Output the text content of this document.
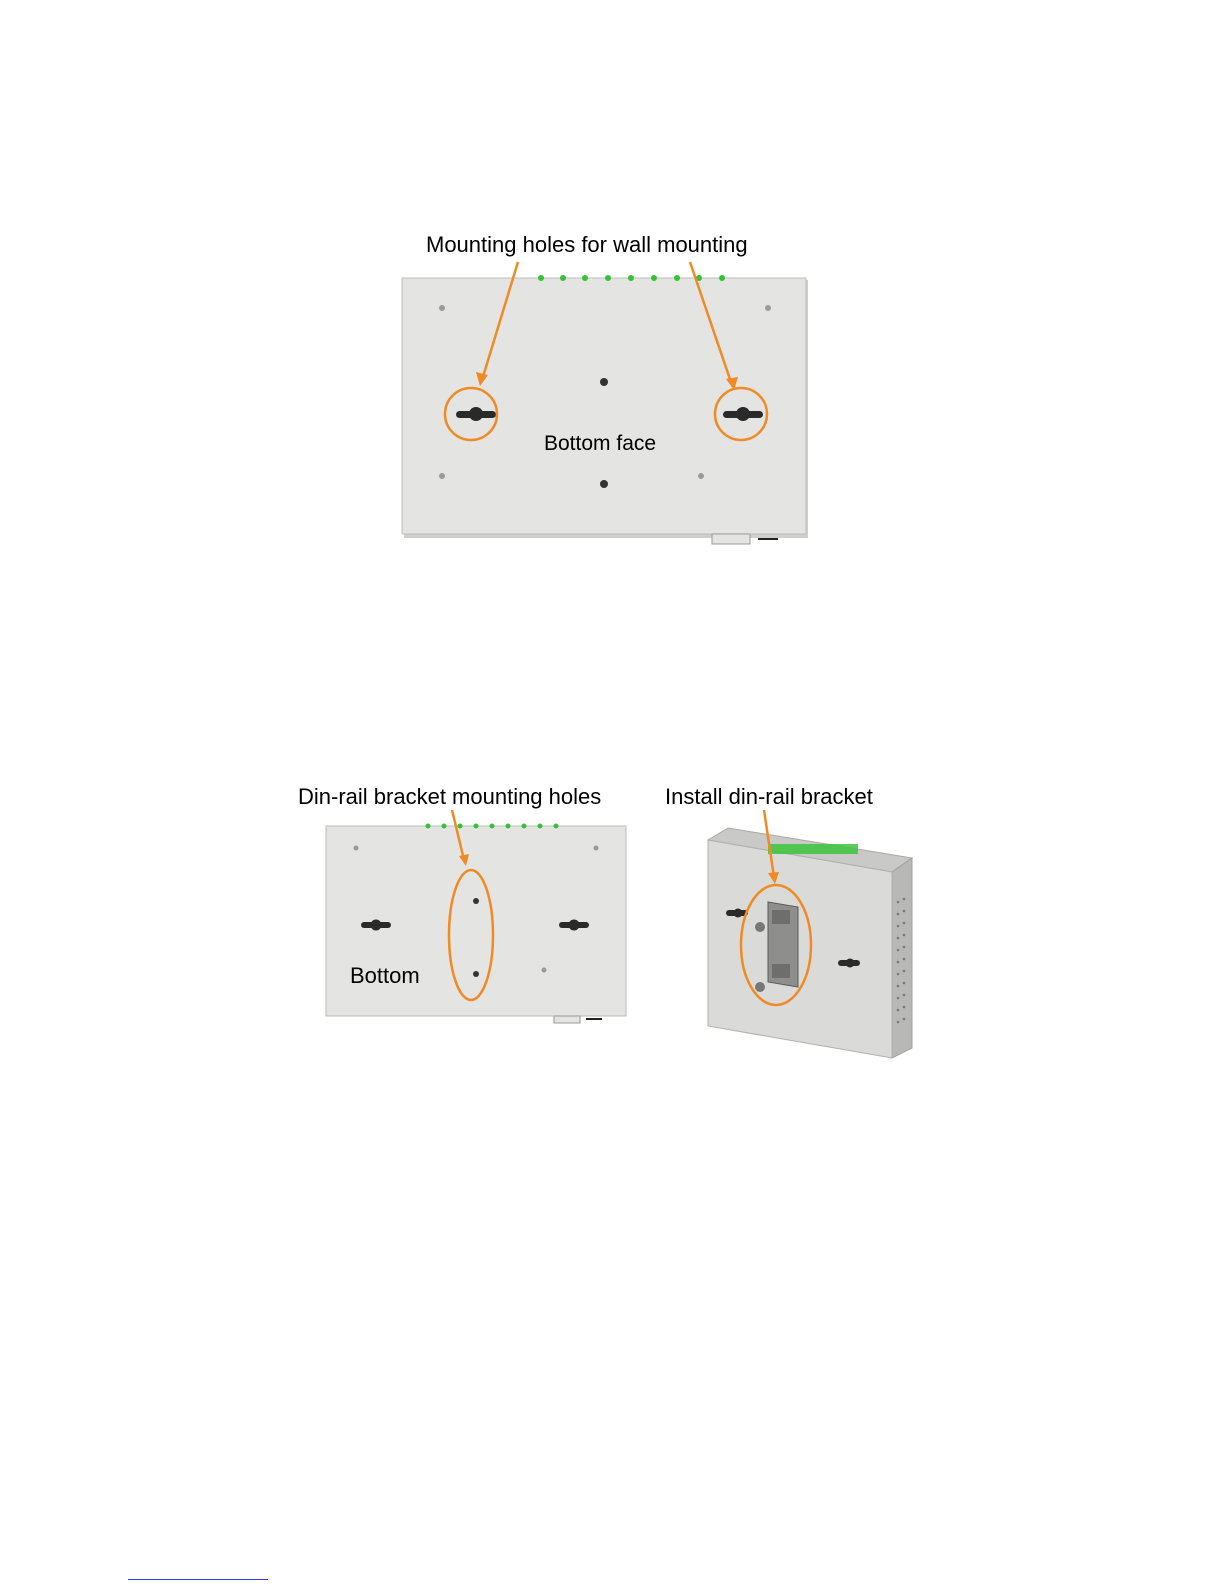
Mounting holes for wall mounting
Bottom face
Din-rail bracket mounting holes	Install din-rail bracket
Bottom
